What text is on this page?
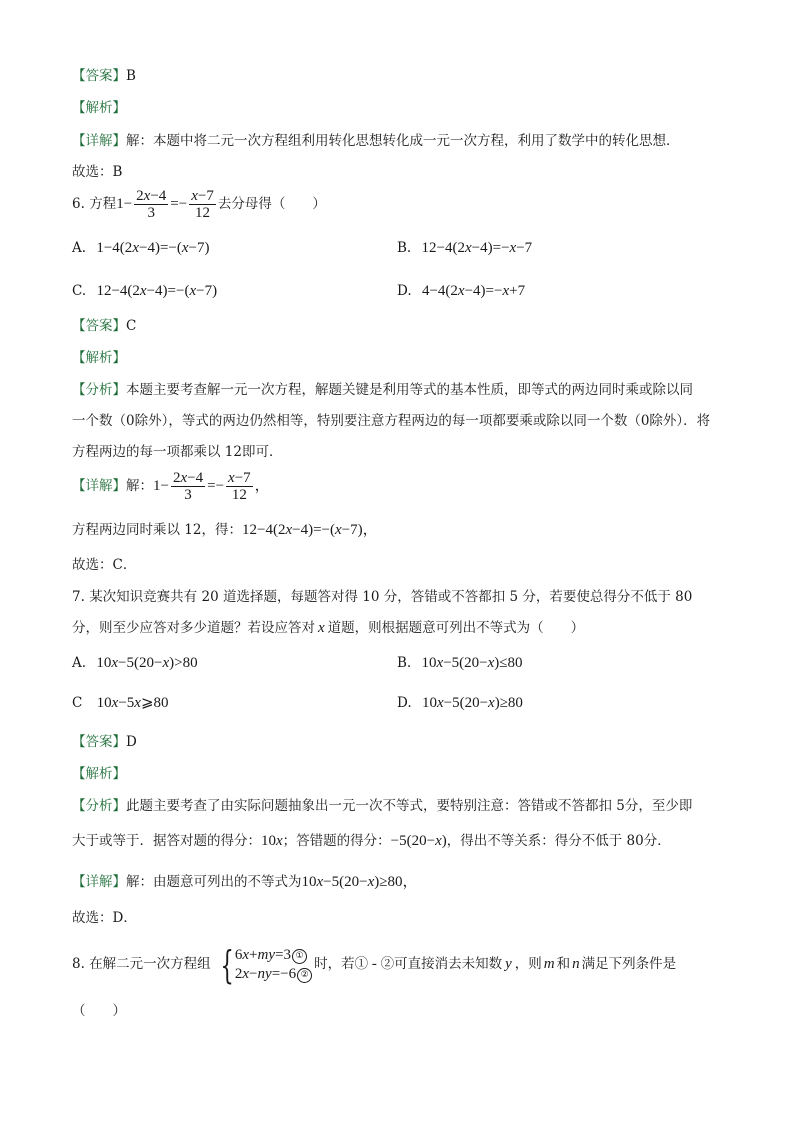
【答案】B
【解析】
【详解】解：本题中将二元一次方程组利用转化思想转化成一元一次方程，利用了数学中的转化思想．
故选：B
6. 方程$1- \frac{2x-4}{3} =- \frac{x-7}{12}$ 去分母得（　　）
A. 1−4(2x−4)=−(x−7)	B. 12−4(2x−4)=−x−7
C. 12−4(2x−4)=−(x−7)	D. 4−4(2x−4)=−x+7
【答案】C
【解析】
【分析】本题主要考查解一元一次方程，解题关键是利用等式的基本性质，即等式的两边同时乘或除以同
一个数（0除外），等式的两边仍然相等，特别要注意方程两边的每一项都要乘或除以同一个数（0除外）．将
方程两边的每一项都乘以 12即可．
【详解】解：$1- \frac{2x-4}{3} =- \frac{x-7}{12}$ ，
方程两边同时乘以 12，得：12−4(2x−4)=−(x−7)，
故选：C．
7. 某次知识竞赛共有 20 道选择题，每题答对得 10 分，答错或不答都扣 5 分，若要使总得分不低于 80
分，则至少应答对多少道题？若设应答对 x 道题，则根据题意可列出不等式为（　　）
A. 10x−5(20−x)>80	B. 10x−5(20−x)≤80
C 10x−5x⩾80	D. 10x−5(20−x)≥80
【答案】D
【解析】
【分析】此题主要考查了由实际问题抽象出一元一次不等式，要特别注意：答错或不答都扣 5分，至少即
大于或等于．据答对题的得分：10x；答错题的得分：−5(20−x)，得出不等关系：得分不低于 80分．
【详解】解：由题意可列出的不等式为10x−5(20−x)≥80，
故选：D．
8. 在解二元一次方程组 { 6x+my=3 ①
2x−ny=−6 ②
时，若① - ②可直接消去未知数 y ，则 m 和 n 满足下列条件是
（　　）
